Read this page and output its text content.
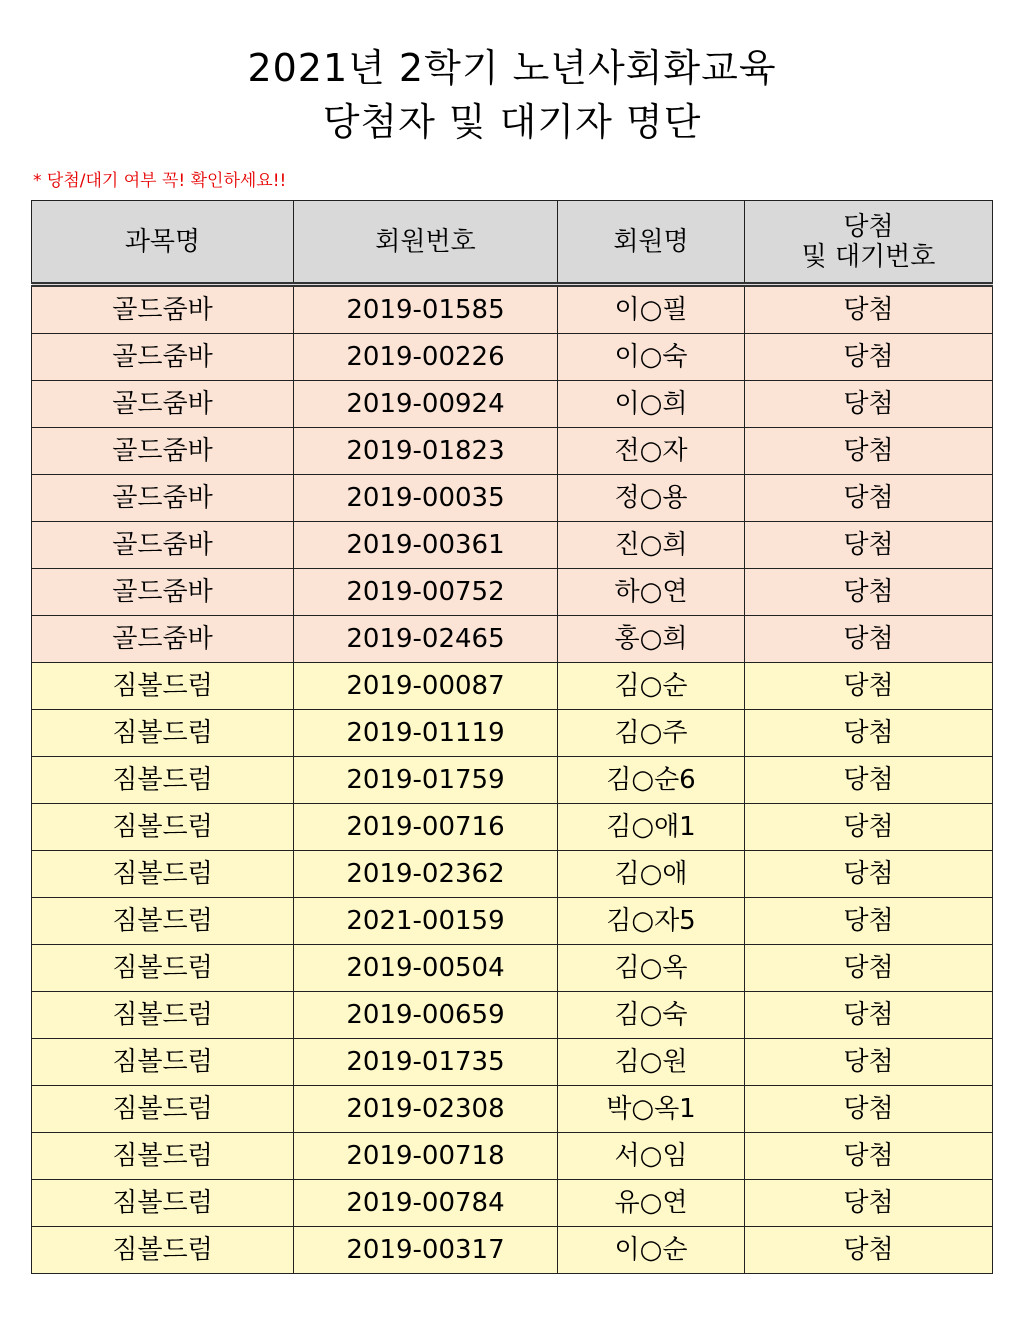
2021년 2학기 노년사회화교육
당첨자 및 대기자 명단
* 당첨/대기 여부 꼭! 확인하세요!!
과목명	회원번호	회원명	당첨
및 대기번호

골드줌바	2019-01585	이○필	당첨
골드줌바	2019-00226	이○숙	당첨
골드줌바	2019-00924	이○희	당첨
골드줌바	2019-01823	전○자	당첨
골드줌바	2019-00035	정○용	당첨
골드줌바	2019-00361	진○희	당첨
골드줌바	2019-00752	하○연	당첨
골드줌바	2019-02465	홍○희	당첨
짐볼드럼	2019-00087	김○순	당첨
짐볼드럼	2019-01119	김○주	당첨
짐볼드럼	2019-01759	김○순6	당첨
짐볼드럼	2019-00716	김○애1	당첨
짐볼드럼	2019-02362	김○애	당첨
짐볼드럼	2021-00159	김○자5	당첨
짐볼드럼	2019-00504	김○옥	당첨
짐볼드럼	2019-00659	김○숙	당첨
짐볼드럼	2019-01735	김○원	당첨
짐볼드럼	2019-02308	박○옥1	당첨
짐볼드럼	2019-00718	서○임	당첨
짐볼드럼	2019-00784	유○연	당첨
짐볼드럼	2019-00317	이○순	당첨
